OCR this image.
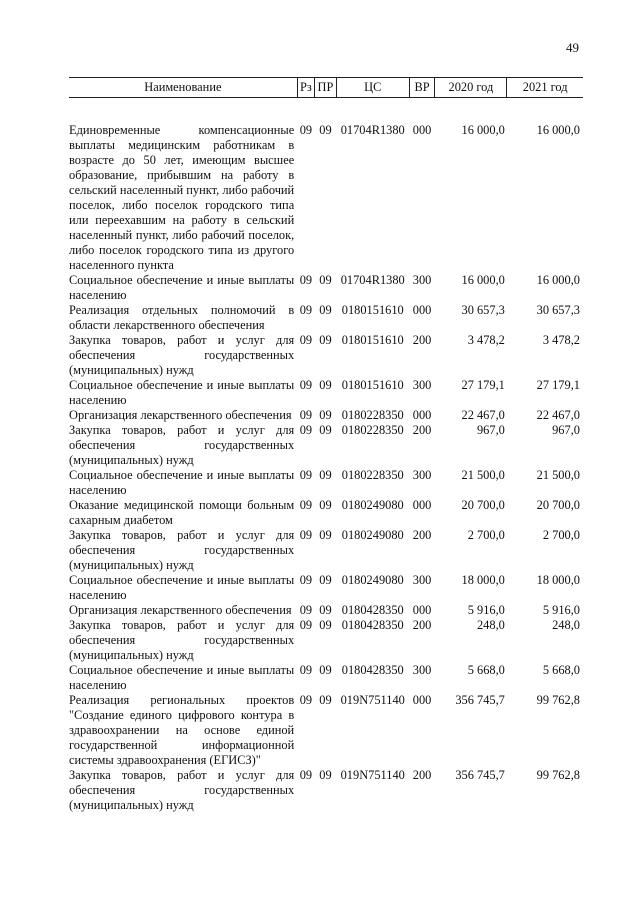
49
Наименование	Рз	ПР	ЦС	ВР	2020 год	2021 год
Единовременные компенсационные выплаты медицинским работникам в возрасте до 50 лет, имеющим высшее образование, прибывшим на работу в сельский населенный пункт, либо рабочий поселок, либо поселок городского типа или переехавшим на работу в сельский населенный пункт, либо рабочий поселок, либо поселок городского типа из другого населенного пункта	09	09	01704R1380	000	16 000,0	16 000,0
Социальное обеспечение и иные выплаты населению	09	09	01704R1380	300	16 000,0	16 000,0
Реализация отдельных полномочий в области лекарственного обеспечения	09	09	0180151610	000	30 657,3	30 657,3
Закупка товаров, работ и услуг для обеспечения государственных (муниципальных) нужд	09	09	0180151610	200	3 478,2	3 478,2
Социальное обеспечение и иные выплаты населению	09	09	0180151610	300	27 179,1	27 179,1
Организация лекарственного обеспечения	09	09	0180228350	000	22 467,0	22 467,0
Закупка товаров, работ и услуг для обеспечения государственных (муниципальных) нужд	09	09	0180228350	200	967,0	967,0
Социальное обеспечение и иные выплаты населению	09	09	0180228350	300	21 500,0	21 500,0
Оказание медицинской помощи больным сахарным диабетом	09	09	0180249080	000	20 700,0	20 700,0
Закупка товаров, работ и услуг для обеспечения государственных (муниципальных) нужд	09	09	0180249080	200	2 700,0	2 700,0
Социальное обеспечение и иные выплаты населению	09	09	0180249080	300	18 000,0	18 000,0
Организация лекарственного обеспечения	09	09	0180428350	000	5 916,0	5 916,0
Закупка товаров, работ и услуг для обеспечения государственных (муниципальных) нужд	09	09	0180428350	200	248,0	248,0
Социальное обеспечение и иные выплаты населению	09	09	0180428350	300	5 668,0	5 668,0
Реализация региональных проектов "Создание единого цифрового контура в здравоохранении на основе единой государственной информационной системы здравоохранения (ЕГИСЗ)"	09	09	019N751140	000	356 745,7	99 762,8
Закупка товаров, работ и услуг для обеспечения государственных (муниципальных) нужд	09	09	019N751140	200	356 745,7	99 762,8
